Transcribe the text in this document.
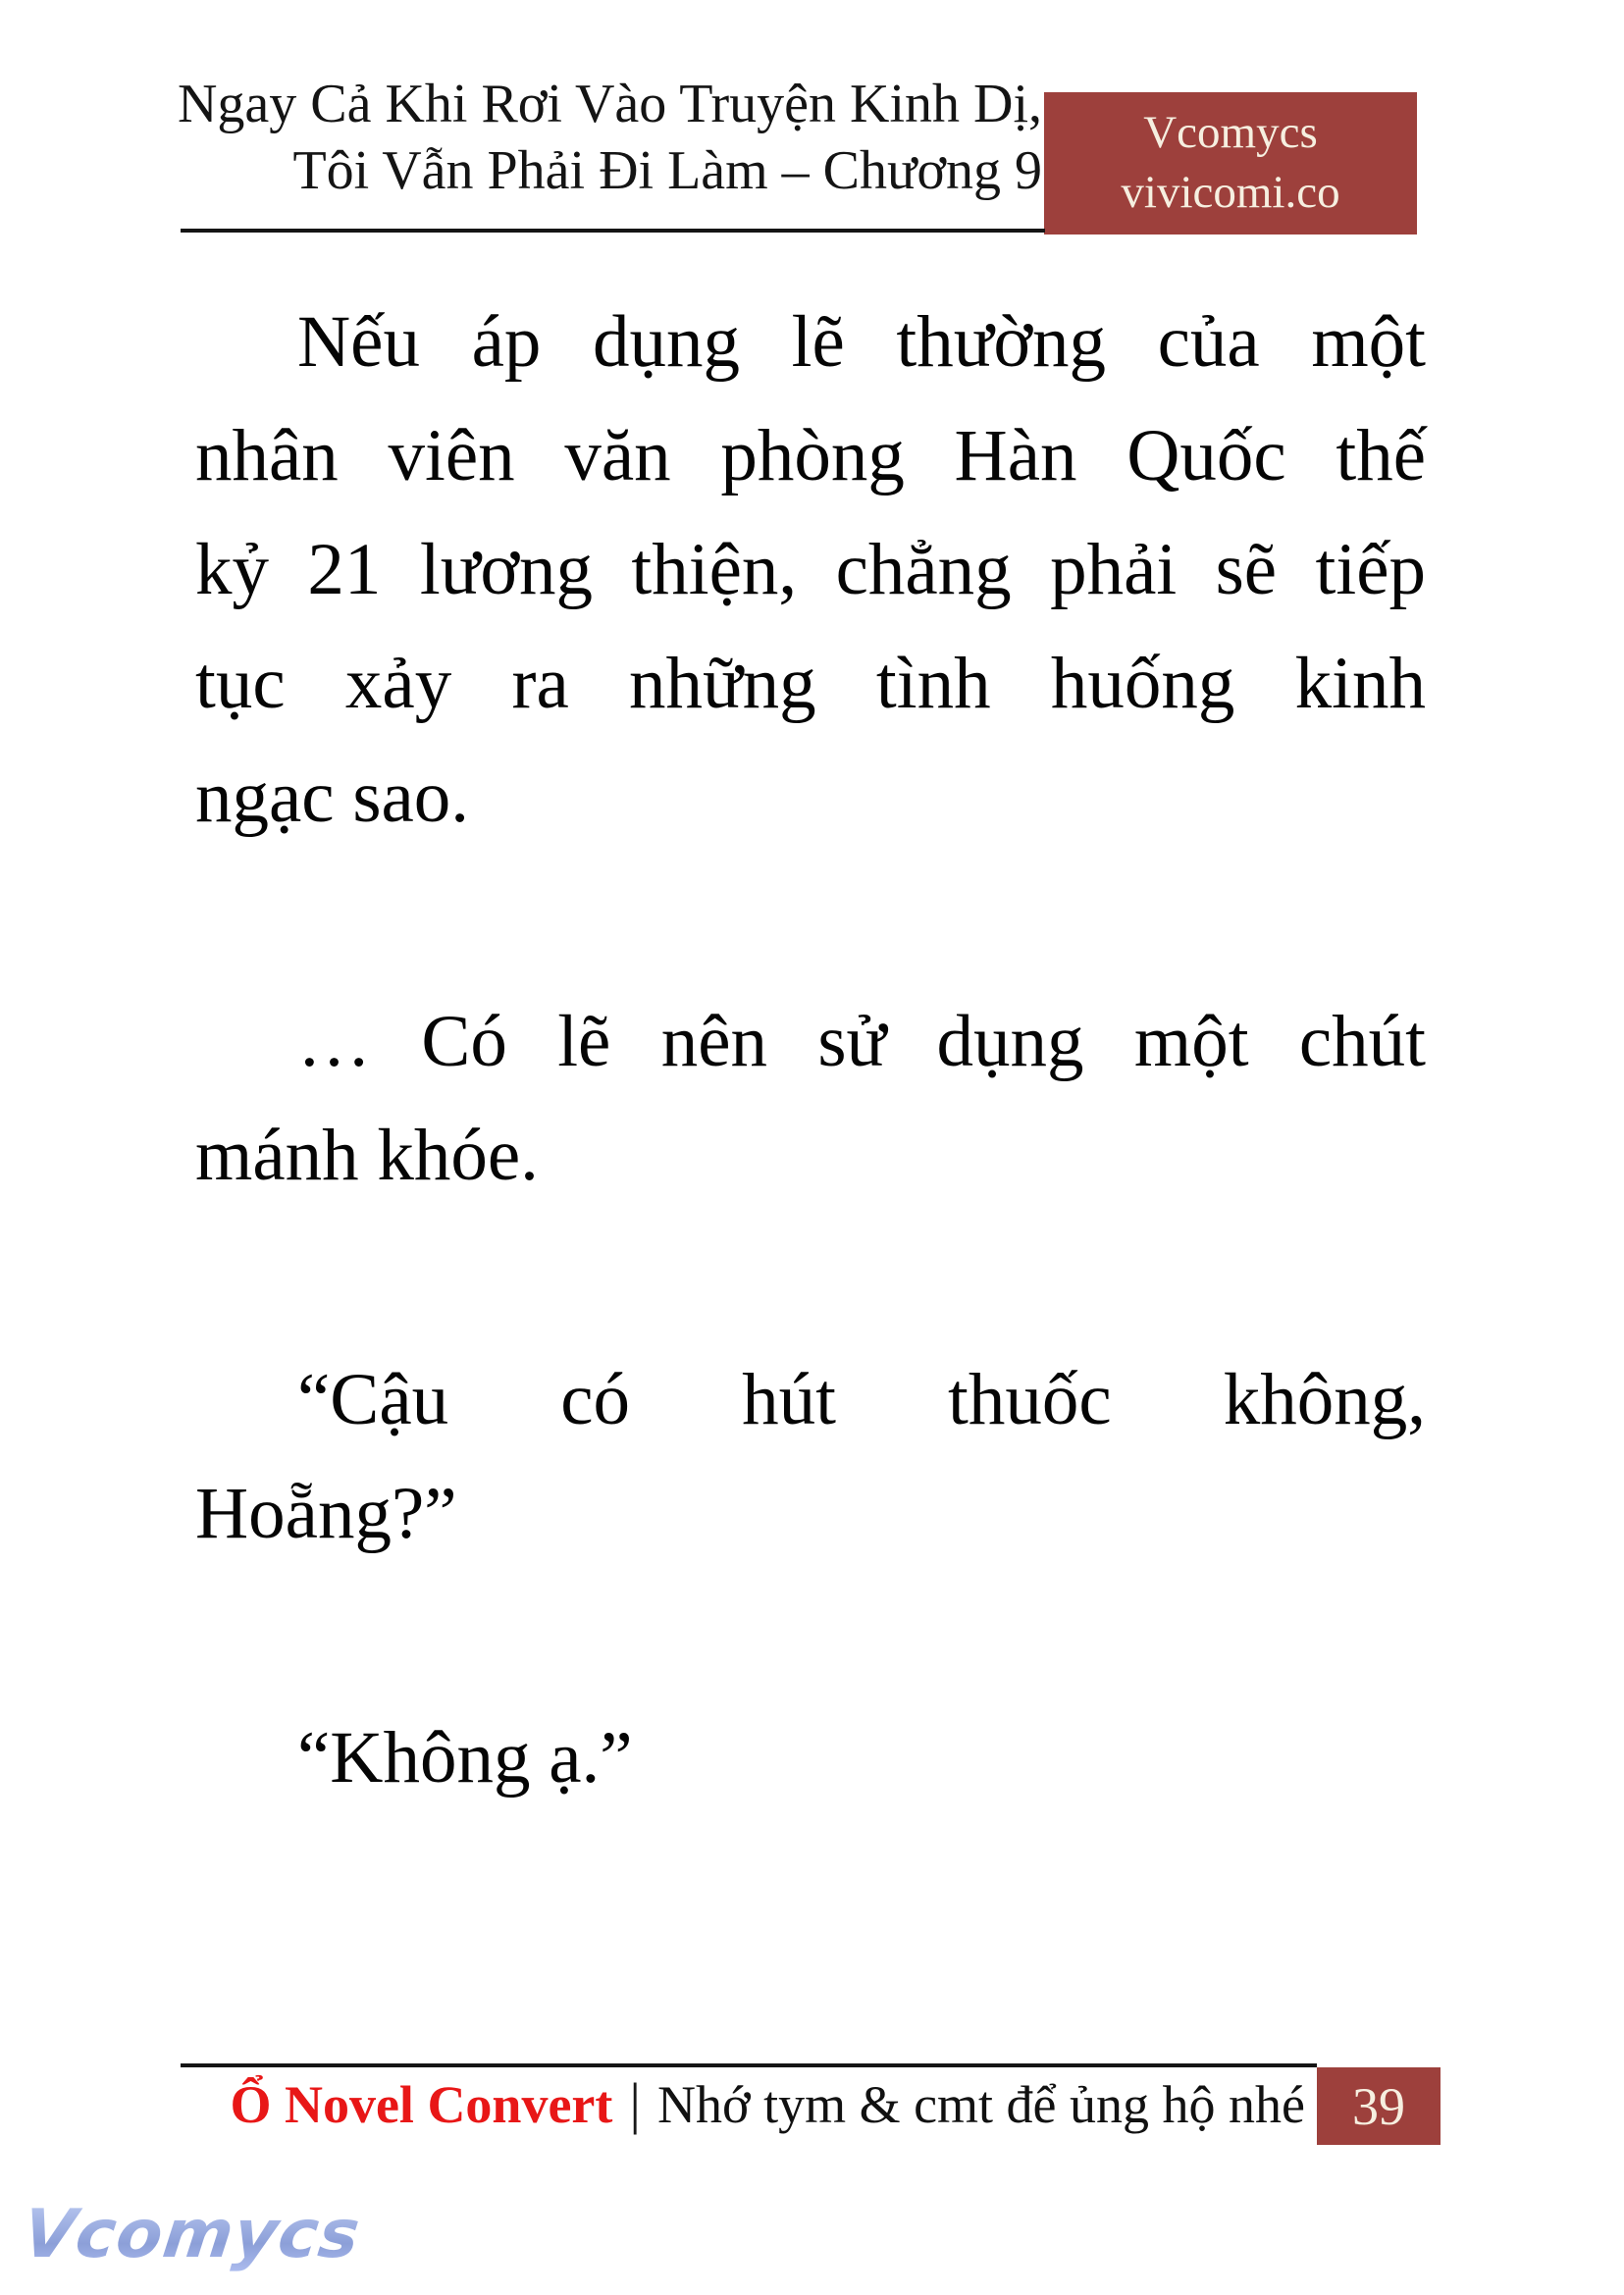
Ngay Cả Khi Rơi Vào Truyện Kinh Dị,
Tôi Vẫn Phải Đi Làm – Chương 9
Vcomycs
vivicomi.co
Nếu áp dụng lẽ thường của một
nhân viên văn phòng Hàn Quốc thế
kỷ 21 lương thiện, chẳng phải sẽ tiếp
tục xảy ra những tình huống kinh
ngạc sao.
… Có lẽ nên sử dụng một chút
mánh khóe.
“Cậu có hút thuốc không,
Hoẵng?”
“Không ạ.”
Ổ Novel Convert | Nhớ tym & cmt để ủng hộ nhé 39
Vcomycs
